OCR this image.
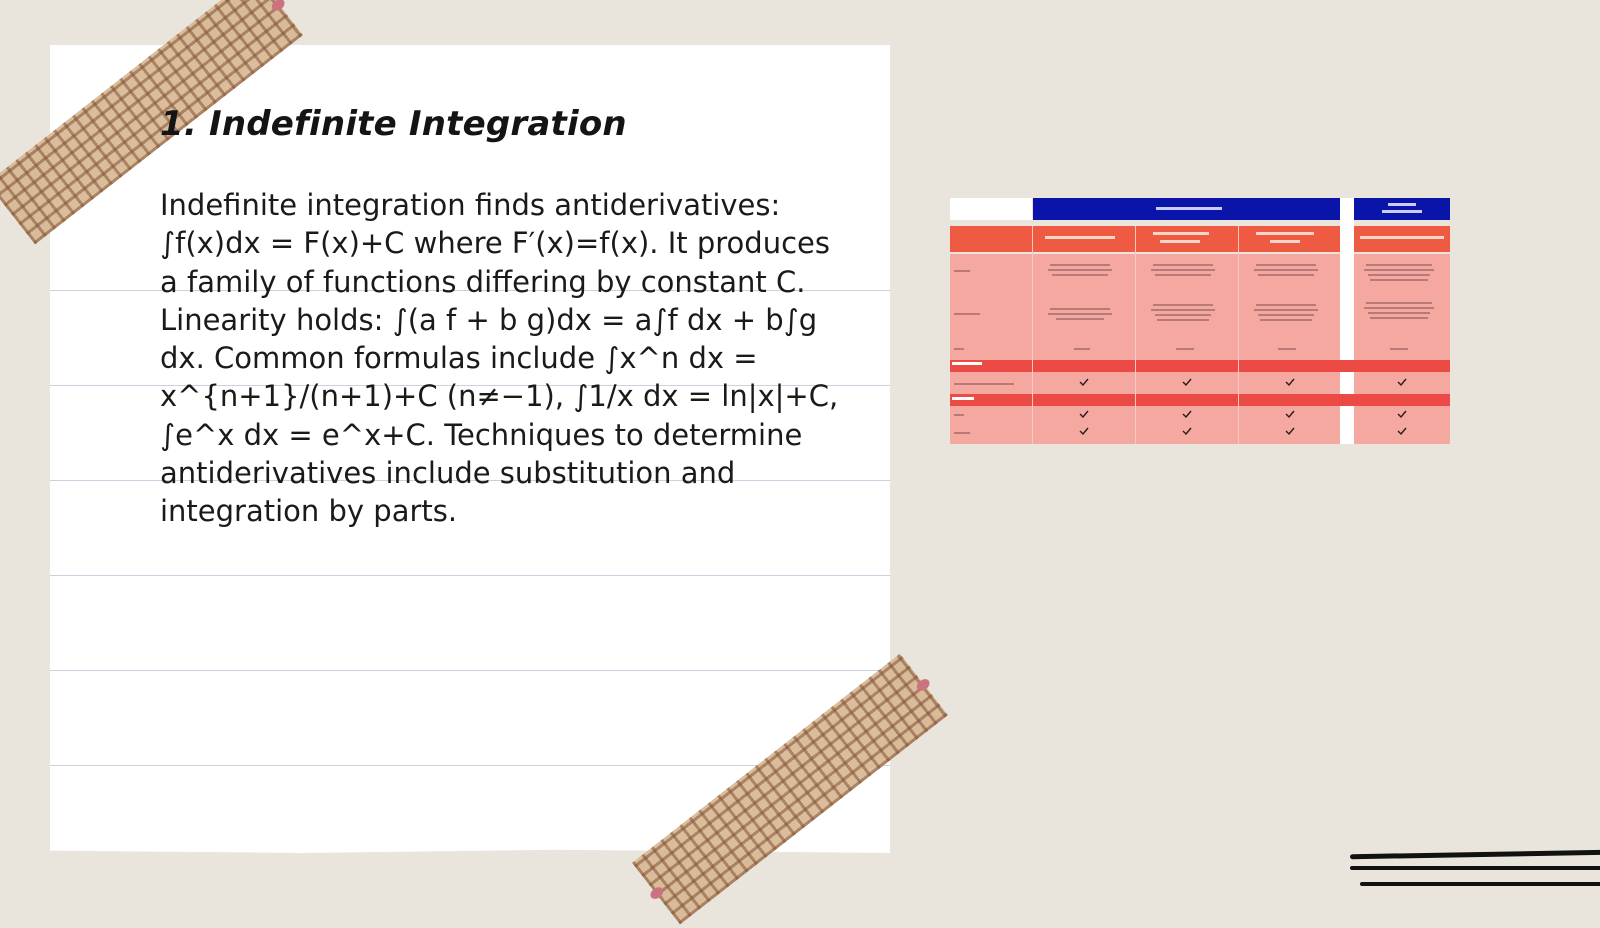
1. Indefinite Integration
Indefinite integration finds antiderivatives: ∫f(x)dx = F(x)+C where F′(x)=f(x). It produces a family of functions differing by constant C. Linearity holds: ∫(a f + b g)dx = a∫f dx + b∫g dx. Common formulas include ∫x^n dx = x^{n+1}/(n+1)+C (n≠−1), ∫1/x dx = ln|x|+C, ∫e^x dx = e^x+C. Techniques to determine antiderivatives include substitution and integration by parts.
